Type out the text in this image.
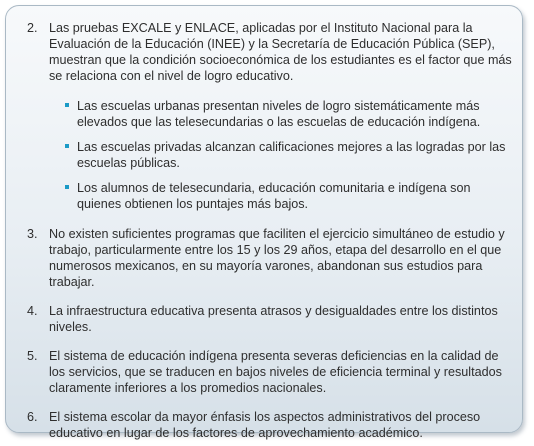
2. Las pruebas EXCALE y ENLACE, aplicadas por el Instituto Nacional para la Evaluación de la Educación (INEE) y la Secretaría de Educación Pública (SEP), muestran que la condición socioeconómica de los estudiantes es el factor que más se relaciona con el nivel de logro educativo.
Las escuelas urbanas presentan niveles de logro sistemáticamente más elevados que las telesecundarias o las escuelas de educación indígena.
Las escuelas privadas alcanzan calificaciones mejores a las logradas por las escuelas públicas.
Los alumnos de telesecundaria, educación comunitaria e indígena son quienes obtienen los puntajes más bajos.
3. No existen suficientes programas que faciliten el ejercicio simultáneo de estudio y trabajo, particularmente entre los 15 y los 29 años, etapa del desarrollo en el que numerosos mexicanos, en su mayoría varones, abandonan sus estudios para trabajar.
4. La infraestructura educativa presenta atrasos y desigualdades entre los distintos niveles.
5. El sistema de educación indígena presenta severas deficiencias en la calidad de los servicios, que se traducen en bajos niveles de eficiencia terminal y resultados claramente inferiores a los promedios nacionales.
6. El sistema escolar da mayor énfasis los aspectos administrativos del proceso educativo en lugar de los factores de aprovechamiento académico.
